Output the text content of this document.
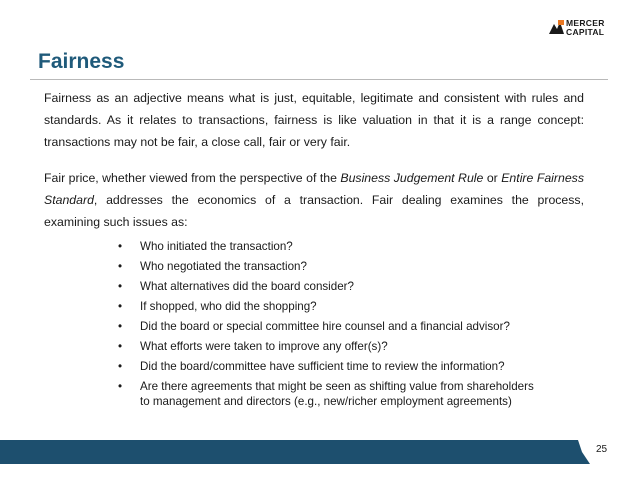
MERCER
CAPITAL
Fairness

Fairness as an adjective means what is just, equitable, legitimate and consistent with rules and standards. As it relates to transactions, fairness is like valuation in that it is a range concept: transactions may not be fair, a close call, fair or very fair.

Fair price, whether viewed from the perspective of the Business Judgement Rule or Entire Fairness Standard, addresses the economics of a transaction. Fair dealing examines the process, examining such issues as:

• Who initiated the transaction?
• Who negotiated the transaction?
• What alternatives did the board consider?
• If shopped, who did the shopping?
• Did the board or special committee hire counsel and a financial advisor?
• What efforts were taken to improve any offer(s)?
• Did the board/committee have sufficient time to review the information?
• Are there agreements that might be seen as shifting value from shareholders
to management and directors (e.g., new/richer employment agreements)
25
